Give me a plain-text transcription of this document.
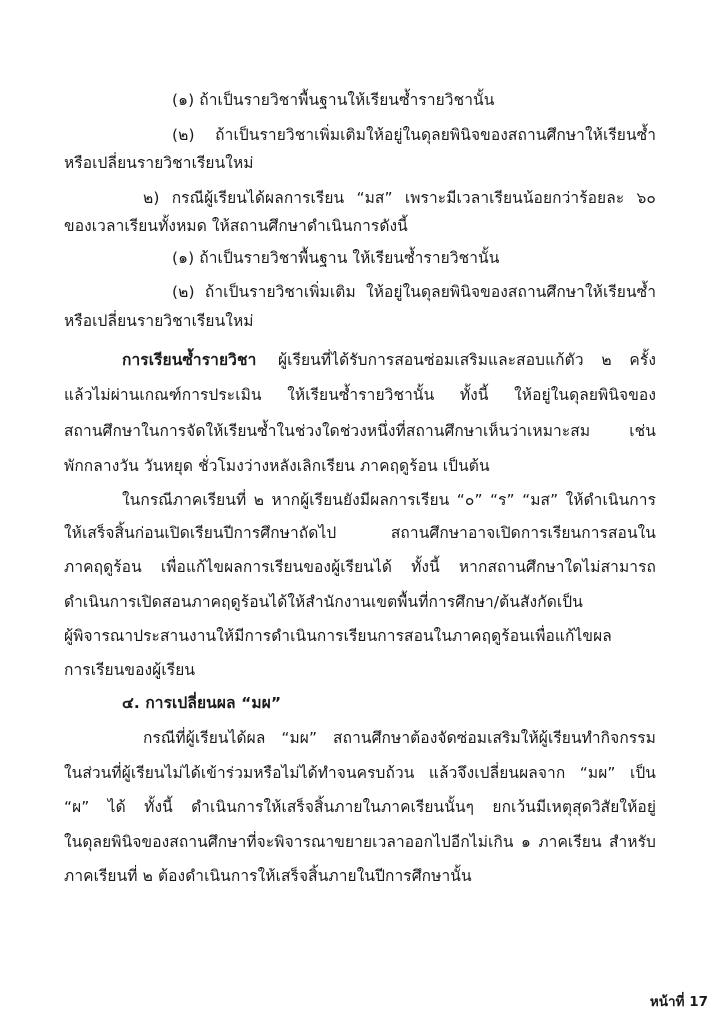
(๑) ถ้าเป็นรายวิชาพื้นฐานให้เรียนซ้ำรายวิชานั้น
(๒) ถ้าเป็นรายวิชาเพิ่มเติมให้อยู่ในดุลยพินิจของสถานศึกษาให้เรียนซ้ำ
หรือเปลี่ยนรายวิชาเรียนใหม่
๒) กรณีผู้เรียนได้ผลการเรียน “มส” เพราะมีเวลาเรียนน้อยกว่าร้อยละ ๖๐
ของเวลาเรียนทั้งหมด ให้สถานศึกษาดำเนินการดังนี้
(๑) ถ้าเป็นรายวิชาพื้นฐาน ให้เรียนซ้ำรายวิชานั้น
(๒) ถ้าเป็นรายวิชาเพิ่มเติม ให้อยู่ในดุลยพินิจของสถานศึกษาให้เรียนซ้ำ
หรือเปลี่ยนรายวิชาเรียนใหม่
การเรียนซ้ำรายวิชา ผู้เรียนที่ได้รับการสอนซ่อมเสริมและสอบแก้ตัว ๒ ครั้ง
แล้วไม่ผ่านเกณฑ์การประเมิน ให้เรียนซ้ำรายวิชานั้น ทั้งนี้ ให้อยู่ในดุลยพินิจของ
สถานศึกษาในการจัดให้เรียนซ้ำในช่วงใดช่วงหนึ่งที่สถานศึกษาเห็นว่าเหมาะสม เช่น
พักกลางวัน วันหยุด ชั่วโมงว่างหลังเลิกเรียน ภาคฤดูร้อน เป็นต้น
ในกรณีภาคเรียนที่ ๒ หากผู้เรียนยังมีผลการเรียน “๐” “ร” “มส” ให้ดำเนินการ
ให้เสร็จสิ้นก่อนเปิดเรียนปีการศึกษาถัดไป สถานศึกษาอาจเปิดการเรียนการสอนใน
ภาคฤดูร้อน เพื่อแก้ไขผลการเรียนของผู้เรียนได้ ทั้งนี้ หากสถานศึกษาใดไม่สามารถ
ดำเนินการเปิดสอนภาคฤดูร้อนได้ให้สำนักงานเขตพื้นที่การศึกษา/ต้นสังกัดเป็น
ผู้พิจารณาประสานงานให้มีการดำเนินการเรียนการสอนในภาคฤดูร้อนเพื่อแก้ไขผล
การเรียนของผู้เรียน
๔. การเปลี่ยนผล “มผ”
กรณีที่ผู้เรียนได้ผล “มผ” สถานศึกษาต้องจัดซ่อมเสริมให้ผู้เรียนทำกิจกรรม
ในส่วนที่ผู้เรียนไม่ได้เข้าร่วมหรือไม่ได้ทำจนครบถ้วน แล้วจึงเปลี่ยนผลจาก “มผ” เป็น
“ผ” ได้ ทั้งนี้ ดำเนินการให้เสร็จสิ้นภายในภาคเรียนนั้นๆ ยกเว้นมีเหตุสุดวิสัยให้อยู่
ในดุลยพินิจของสถานศึกษาที่จะพิจารณาขยายเวลาออกไปอีกไม่เกิน ๑ ภาคเรียน สำหรับ
ภาคเรียนที่ ๒ ต้องดำเนินการให้เสร็จสิ้นภายในปีการศึกษานั้น
หน้าที่ 17
